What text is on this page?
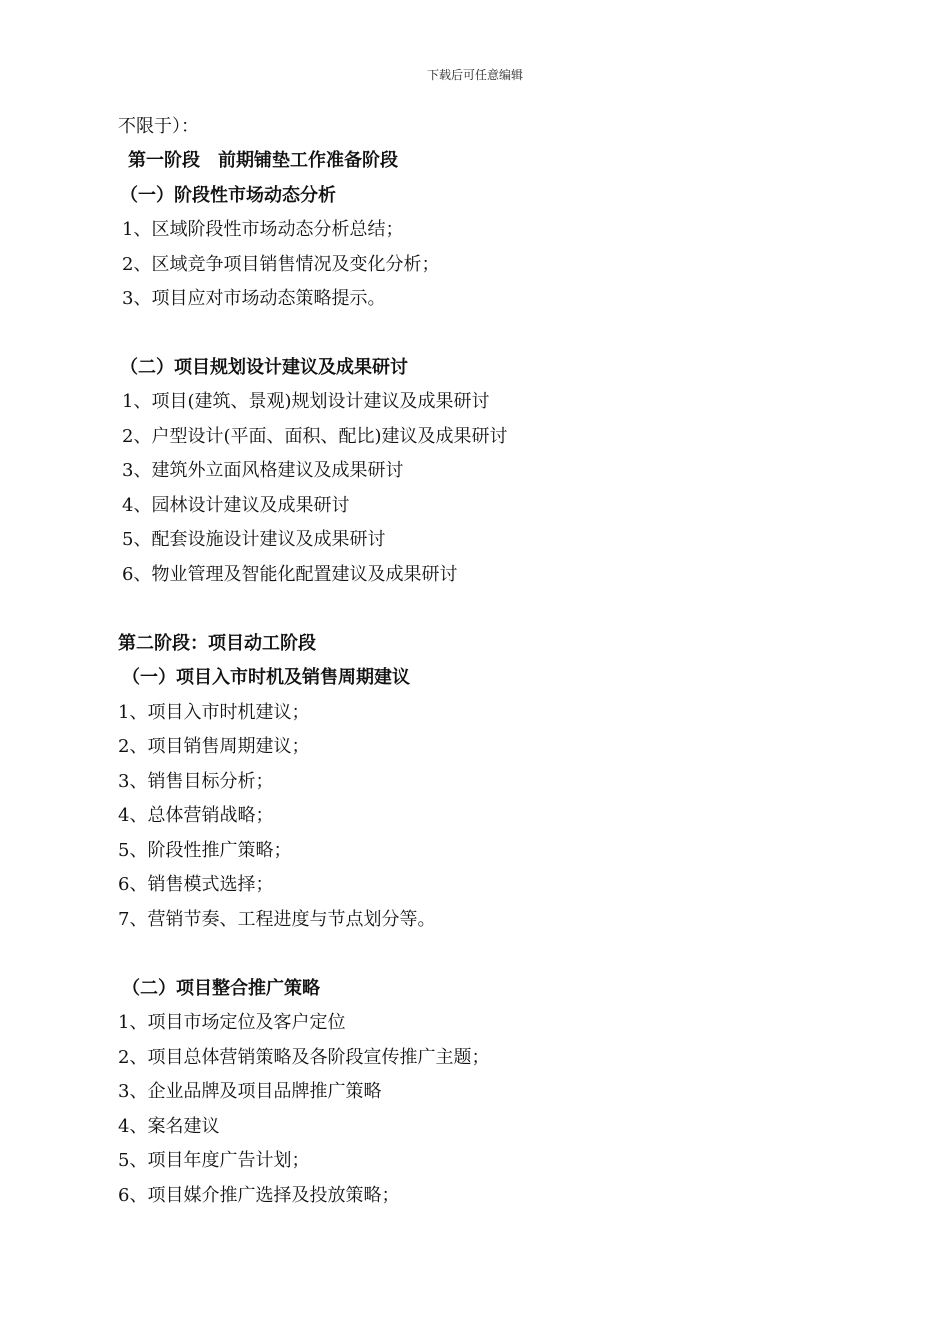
下载后可任意编辑
不限于）：
第一阶段　前期铺垫工作准备阶段
（一）阶段性市场动态分析
1、区域阶段性市场动态分析总结；
2、区域竞争项目销售情况及变化分析；
3、项目应对市场动态策略提示。
（二）项目规划设计建议及成果研讨
1、项目(建筑、景观)规划设计建议及成果研讨
2、户型设计(平面、面积、配比)建议及成果研讨
3、建筑外立面风格建议及成果研讨
4、园林设计建议及成果研讨
5、配套设施设计建议及成果研讨
6、物业管理及智能化配置建议及成果研讨
第二阶段：项目动工阶段
（一）项目入市时机及销售周期建议
1、项目入市时机建议；
2、项目销售周期建议；
3、销售目标分析；
4、总体营销战略；
5、阶段性推广策略；
6、销售模式选择；
7、营销节奏、工程进度与节点划分等。
（二）项目整合推广策略
1、项目市场定位及客户定位
2、项目总体营销策略及各阶段宣传推广主题；
3、企业品牌及项目品牌推广策略
4、案名建议
5、项目年度广告计划；
6、项目媒介推广选择及投放策略；
